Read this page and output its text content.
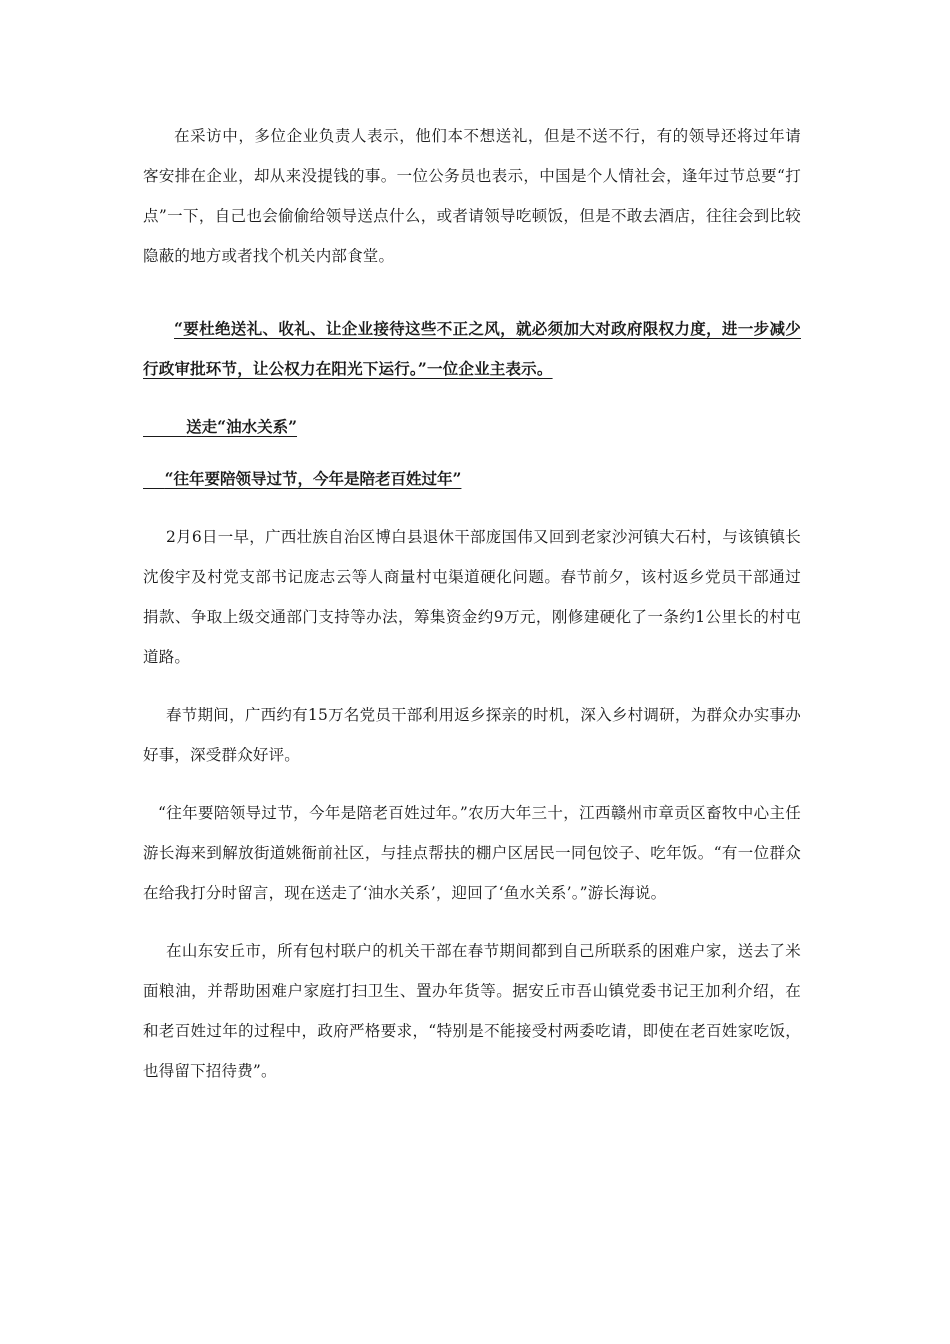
在采访中，多位企业负责人表示，他们本不想送礼，但是不送不行，有的领导还将过年请客安排在企业，却从来没提钱的事。一位公务员也表示，中国是个人情社会，逢年过节总要“打点”一下，自己也会偷偷给领导送点什么，或者请领导吃顿饭，但是不敢去酒店，往往会到比较隐蔽的地方或者找个机关内部食堂。

“要杜绝送礼、收礼、让企业接待这些不正之风，就必须加大对政府限权力度，进一步减少行政审批环节，让公权力在阳光下运行。”一位企业主表示。

送走“油水关系”
“往年要陪领导过节，今年是陪老百姓过年”

2月6日一早，广西壮族自治区博白县退休干部庞国伟又回到老家沙河镇大石村，与该镇镇长沈俊宇及村党支部书记庞志云等人商量村屯渠道硬化问题。春节前夕，该村返乡党员干部通过捐款、争取上级交通部门支持等办法，筹集资金约9万元，刚修建硬化了一条约1公里长的村屯道路。

春节期间，广西约有15万名党员干部利用返乡探亲的时机，深入乡村调研，为群众办实事办好事，深受群众好评。

“往年要陪领导过节，今年是陪老百姓过年。”农历大年三十，江西赣州市章贡区畜牧中心主任游长海来到解放街道姚衙前社区，与挂点帮扶的棚户区居民一同包饺子、吃年饭。“有一位群众在给我打分时留言，现在送走了‘油水关系’，迎回了‘鱼水关系’。”游长海说。

在山东安丘市，所有包村联户的机关干部在春节期间都到自己所联系的困难户家，送去了米面粮油，并帮助困难户家庭打扫卫生、置办年货等。据安丘市吾山镇党委书记王加利介绍，在和老百姓过年的过程中，政府严格要求，“特别是不能接受村两委吃请，即使在老百姓家吃饭，也得留下招待费”。
